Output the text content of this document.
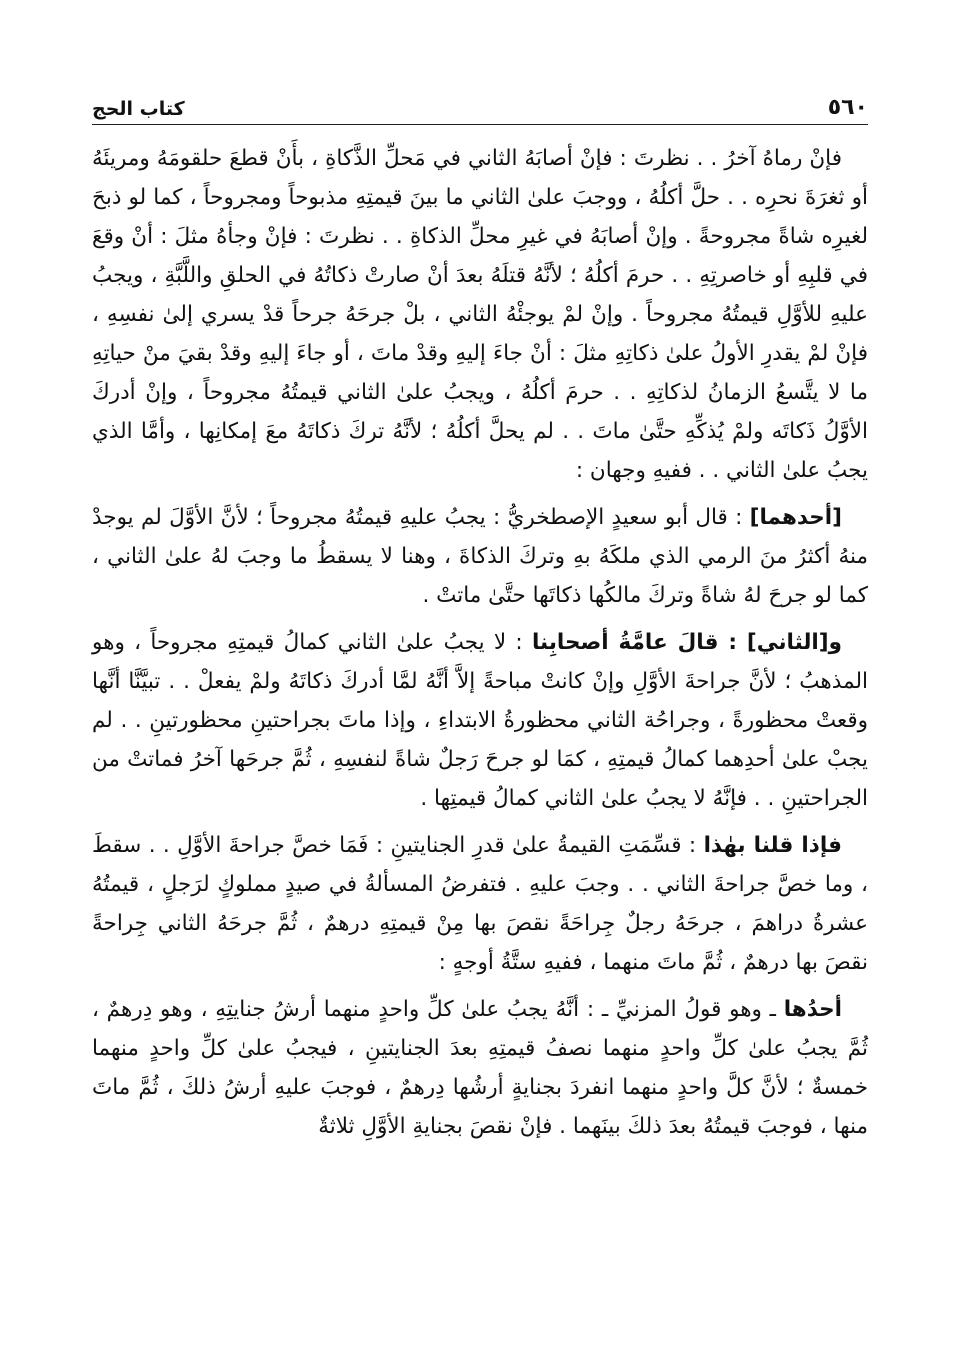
٥٦٠
كتاب الحج

فإنْ رماهُ آخرُ . . نظرتَ : فإنْ أصابَهُ الثاني في مَحلِّ الذَّكاةِ ، بأَنْ قطعَ حلقومَهُ ومريئَهُ أو ثغرَةَ نحرِه . . حلَّ أكلُهُ ، ووجبَ علىٰ الثاني ما بينَ قيمتِهِ مذبوحاً ومجروحاً ، كما لو ذبحَ لغيرِه شاةً مجروحةً . وإنْ أصابَهُ في غيرِ محلِّ الذكاةِ . . نظرتَ : فإنْ وجأهُ مثلَ : أنْ وقعَ في قلبِهِ أو خاصرتِهِ . . حرمَ أكلُهُ ؛ لأنَّهُ قتلَهُ بعدَ أنْ صارتْ ذكاتُهُ في الحلقِ واللَّبَّةِ ، ويجبُ عليهِ للأوَّلِ قيمتُهُ مجروحاً . وإنْ لمْ يوجئْهُ الثاني ، بلْ جرحَهُ جرحاً قدْ يسري إلىٰ نفسِهِ ، فإنْ لمْ يقدرِ الأولُ علىٰ ذكاتِهِ مثلَ : أنْ جاءَ إليهِ وقدْ ماتَ ، أو جاءَ إليهِ وقدْ بقيَ منْ حياتِهِ ما لا يتَّسعُ الزمانُ لذكاتِهِ . . حرمَ أكلُهُ ، ويجبُ علىٰ الثاني قيمتُهُ مجروحاً ، وإنْ أدركَ الأوَّلُ ذَكاتَه ولمْ يُذكِّهِ حتَّىٰ ماتَ . . لم يحلَّ أكلُهُ ؛ لأنَّهُ تركَ ذكاتَهُ معَ إمكانِها ، وأمَّا الذي يجبُ علىٰ الثاني . . ففيهِ وجهان :

[أحدهما] : قال أبو سعيدٍ الإصطخريُّ : يجبُ عليهِ قيمتُهُ مجروحاً ؛ لأنَّ الأوَّلَ لم يوجدْ منهُ أكثرُ منَ الرمي الذي ملكَهُ بهِ وتركَ الذكاةَ ، وهنا لا يسقطُ ما وجبَ لهُ علىٰ الثاني ، كما لو جرحَ لهُ شاةً وتركَ مالكُها ذكاتَها حتَّىٰ ماتتْ .

و[الثاني] : قالَ عامَّةُ أصحابِنا : لا يجبُ علىٰ الثاني كمالُ قيمتِهِ مجروحاً ، وهو المذهبُ ؛ لأنَّ جراحةَ الأوَّلِ وإنْ كانتْ مباحةً إلاَّ أنَّهُ لمَّا أدركَ ذكاتَهُ ولمْ يفعلْ . . تبيَّنَّا أنَّها وقعتْ محظورةً ، وجراحُة الثاني محظورةُ الابتداءِ ، وإذا ماتَ بجراحتينِ محظورتينِ . . لم يجبْ علىٰ أحدِهما كمالُ قيمتِهِ ، كمَا لو جرحَ رَجلٌ شاةً لنفسِهِ ، ثُمَّ جرحَها آخرُ فماتتْ من الجراحتينِ . . فإنَّهُ لا يجبُ علىٰ الثاني كمالُ قيمتِها .

فإذا قلنا بهٰذا : قسِّمَتِ القيمةُ علىٰ قدرِ الجنايتينِ : فَمَا خصَّ جراحةَ الأوَّلِ . . سقطَ ، وما خصَّ جراحةَ الثاني . . وجبَ عليهِ . فتفرضُ المسألةُ في صيدٍ مملوكٍ لرَجلٍ ، قيمتُهُ عشرةُ دراهمَ ، جرحَهُ رجلٌ جِراحَةً نقصَ بها مِنْ قيمتِهِ درهمٌ ، ثُمَّ جرحَهُ الثاني جِراحةً نقصَ بها درهمٌ ، ثُمَّ ماتَ منهما ، ففيهِ ستَّةُ أوجهٍ :

أحدُها ـ وهو قولُ المزنيِّ ـ : أنَّهُ يجبُ علىٰ كلِّ واحدٍ منهما أرشُ جنايتِهِ ، وهو دِرهمٌ ، ثُمَّ يجبُ علىٰ كلِّ واحدٍ منهما نصفُ قيمتِهِ بعدَ الجنايتينِ ، فيجبُ علىٰ كلِّ واحدٍ منهما خمسةٌ ؛ لأنَّ كلَّ واحدٍ منهما انفردَ بجنايةٍ أرشُها دِرهمٌ ، فوجبَ عليهِ أرشُ ذلكَ ، ثُمَّ ماتَ منها ، فوجبَ قيمتُهُ بعدَ ذلكَ بينَهما . فإنْ نقصَ بجنايةِ الأوَّلِ ثلاثةٌ
